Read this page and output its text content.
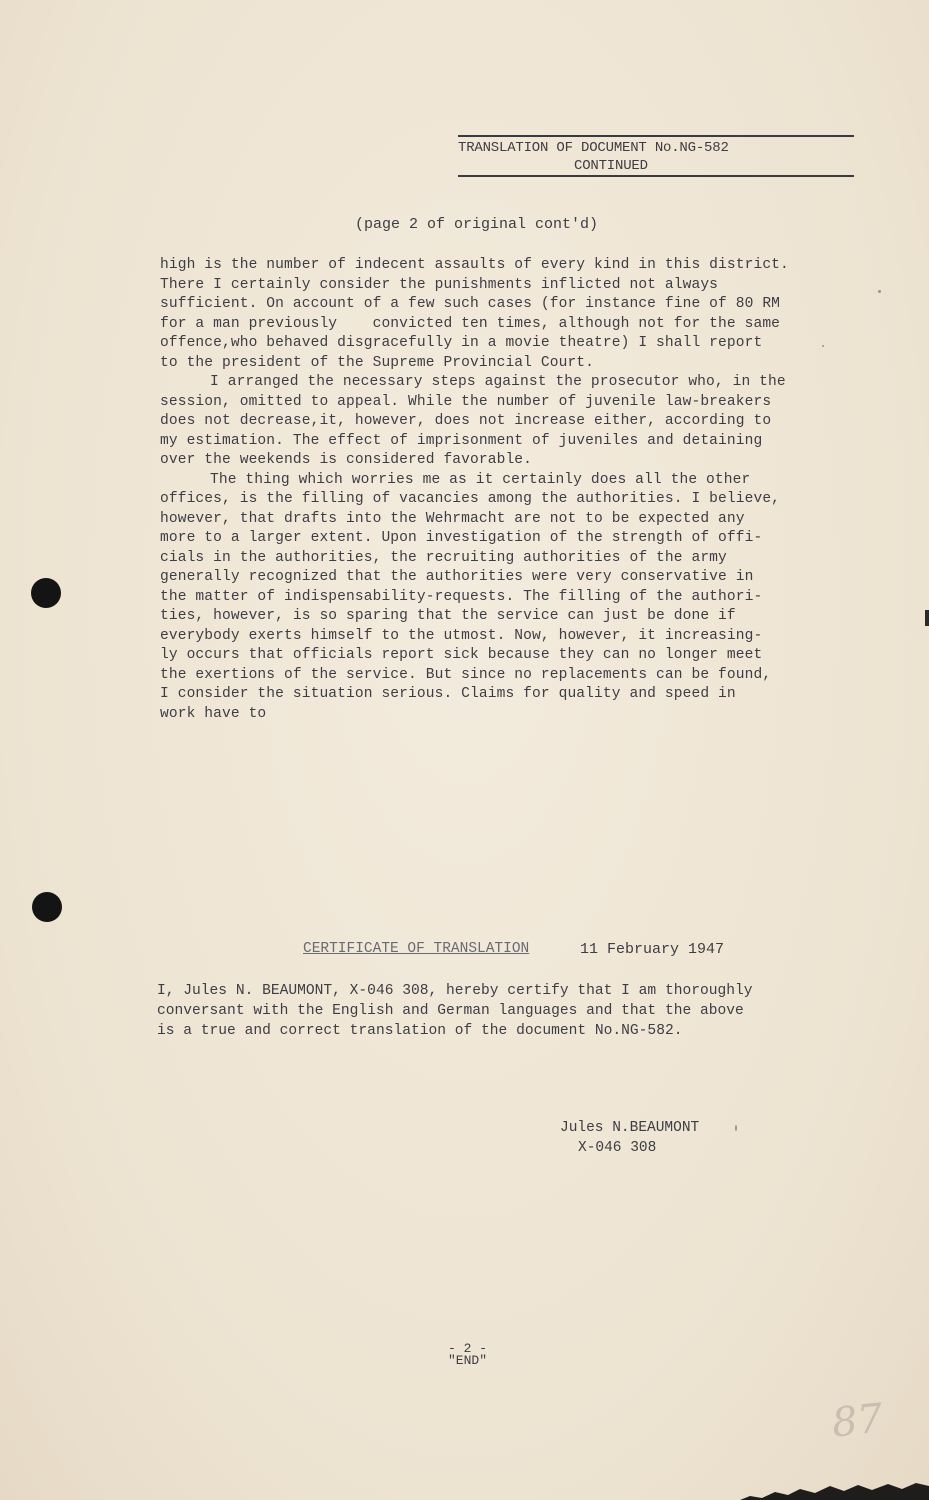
TRANSLATION OF DOCUMENT No.NG-582
CONTINUED
(page 2 of original cont'd)

high is the number of indecent assaults of every kind in this district.
There I certainly consider the punishments inflicted not always
sufficient. On account of a few such cases (for instance fine of 80 RM
for a man previously    convicted ten times, although not for the same
offence,who behaved disgracefully in a movie theatre) I shall report
to the president of the Supreme Provincial Court.

I arranged the necessary steps against the prosecutor who, in the
session, omitted to appeal. While the number of juvenile law-breakers
does not decrease,it, however, does not increase either, according to
my estimation. The effect of imprisonment of juveniles and detaining
over the weekends is considered favorable.

The thing which worries me as it certainly does all the other
offices, is the filling of vacancies among the authorities. I believe,
however, that drafts into the Wehrmacht are not to be expected any
more to a larger extent. Upon investigation of the strength of offi-
cials in the authorities, the recruiting authorities of the army
generally recognized that the authorities were very conservative in
the matter of indispensability-requests. The filling of the authori-
ties, however, is so sparing that the service can just be done if
everybody exerts himself to the utmost. Now, however, it increasing-
ly occurs that officials report sick because they can no longer meet
the exertions of the service. But since no replacements can be found,
I consider the situation serious. Claims for quality and speed in
work have to

CERTIFICATE OF TRANSLATION	11 February 1947

I, Jules N. BEAUMONT, X-046 308, hereby certify that I am thoroughly
conversant with the English and German languages and that the above
is a true and correct translation of the document No.NG-582.

Jules N.BEAUMONT
X-046 308
- 2 -
"END"
87
